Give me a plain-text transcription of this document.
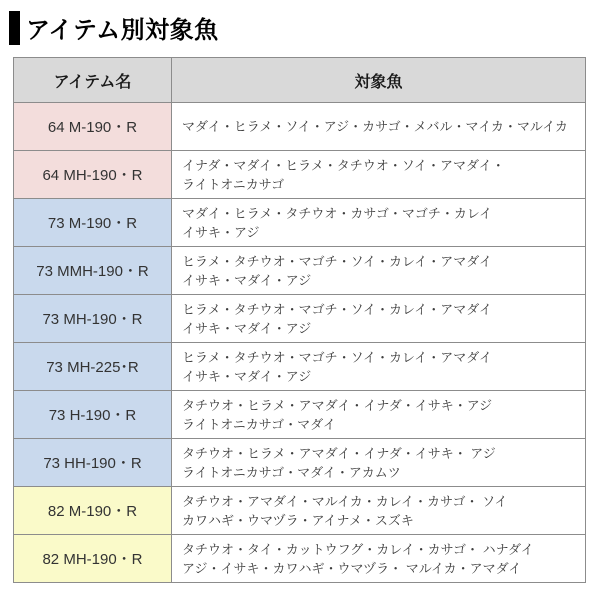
アイテム別対象魚
アイテム名	対象魚
64 M-190・R	マダイ・ヒラメ・ソイ・アジ・カサゴ・メバル・マイカ・マルイカ

64 MH-190・R	イナダ・マダイ・ヒラメ・タチウオ・ソイ・アマダイ・
ライトオニカサゴ

73 M-190・R	マダイ・ヒラメ・タチウオ・カサゴ・マゴチ・カレイ
イサキ・アジ

73 MMH-190・R	ヒラメ・タチウオ・マゴチ・ソイ・カレイ・アマダイ
イサキ・マダイ・アジ

73 MH-190・R	ヒラメ・タチウオ・マゴチ・ソイ・カレイ・アマダイ
イサキ・マダイ・アジ

73 MH-225･R	ヒラメ・タチウオ・マゴチ・ソイ・カレイ・アマダイ
イサキ・マダイ・アジ

73 H-190・R	タチウオ・ヒラメ・アマダイ・イナダ・イサキ・アジ
ライトオニカサゴ・マダイ

73 HH-190・R	タチウオ・ヒラメ・アマダイ・イナダ・イサキ・ アジ
ライトオニカサゴ・マダイ・アカムツ

82 M-190・R	タチウオ・アマダイ・マルイカ・カレイ・カサゴ・ ソイ
カワハギ・ウマヅラ・アイナメ・スズキ

82 MH-190・R	タチウオ・タイ・カットウフグ・カレイ・カサゴ・ ハナダイ
アジ・イサキ・カワハギ・ウマヅラ・ マルイカ・アマダイ
